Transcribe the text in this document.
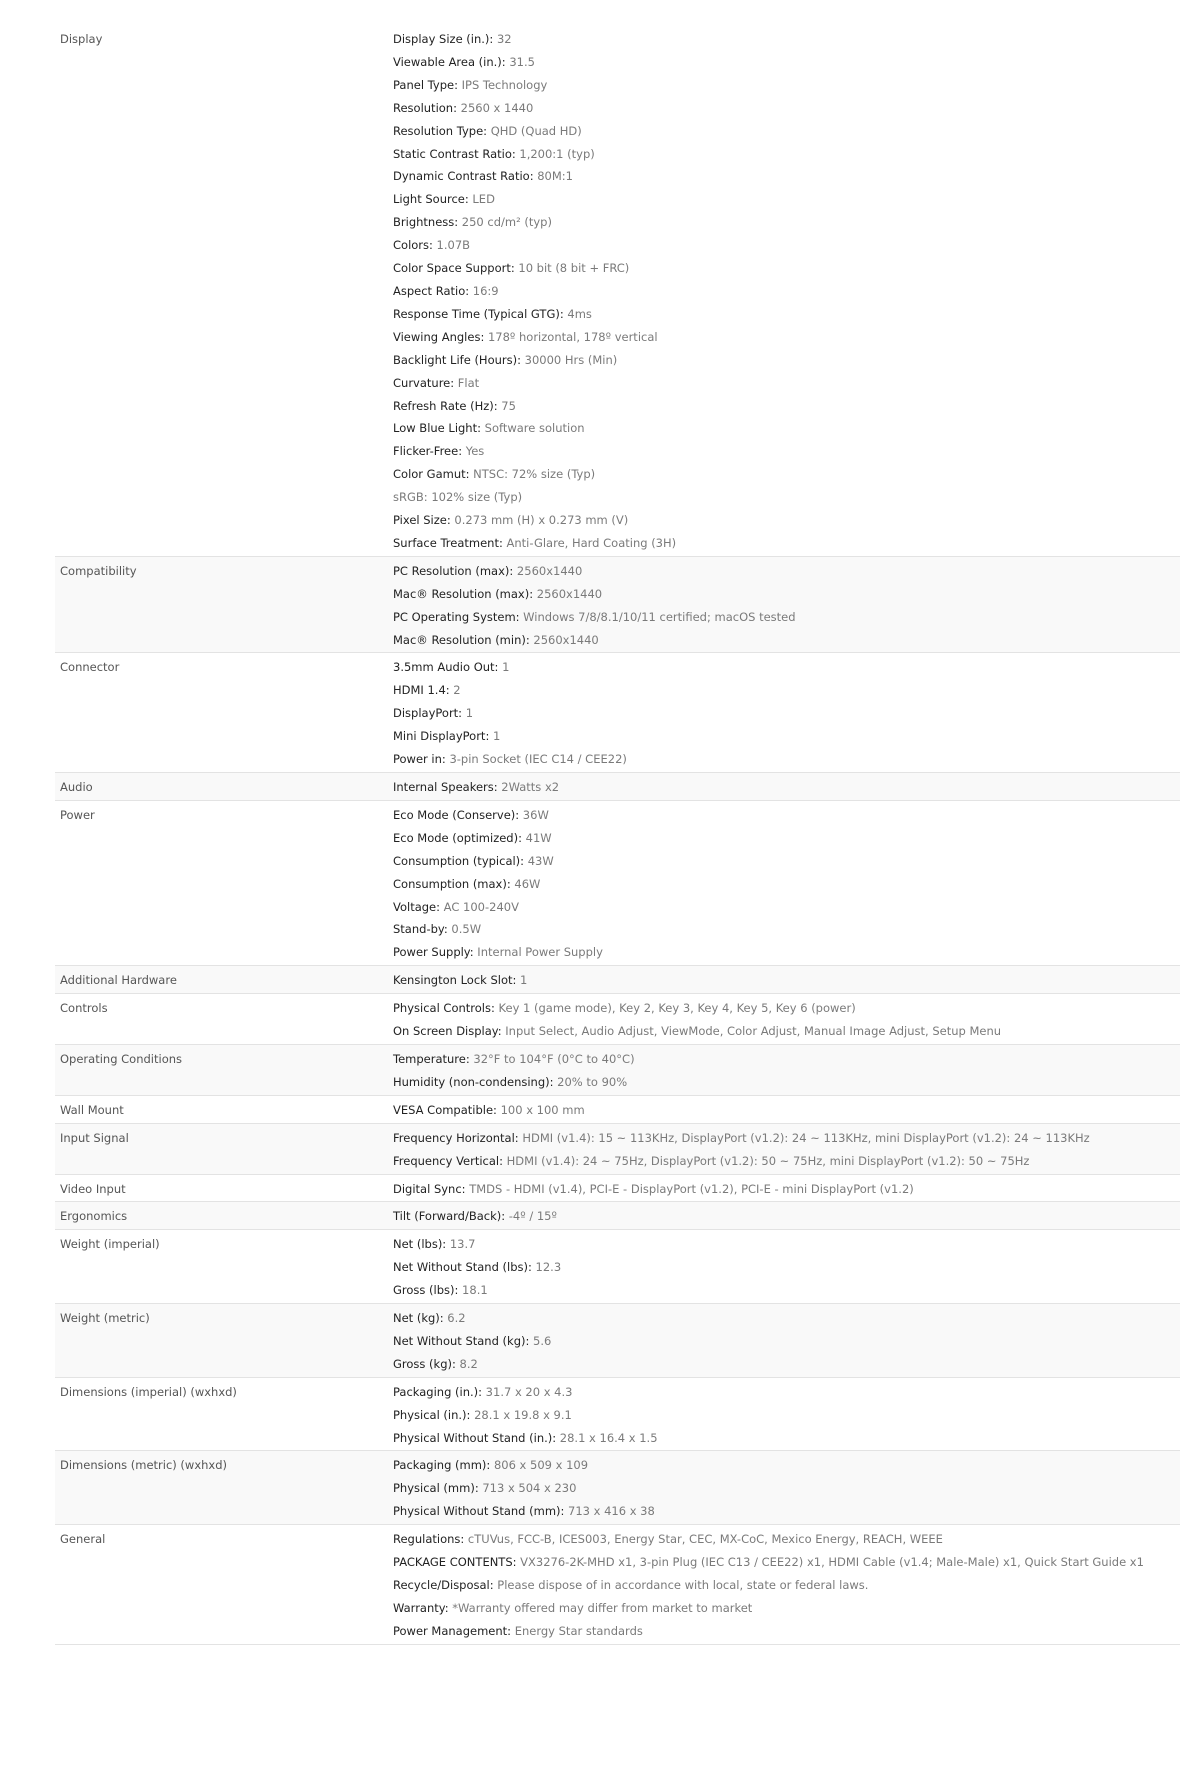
Display	Display Size (in.): 32
Viewable Area (in.): 31.5
Panel Type: IPS Technology
Resolution: 2560 x 1440
Resolution Type: QHD (Quad HD)
Static Contrast Ratio: 1,200:1 (typ)
Dynamic Contrast Ratio: 80M:1
Light Source: LED
Brightness: 250 cd/m² (typ)
Colors: 1.07B
Color Space Support: 10 bit (8 bit + FRC)
Aspect Ratio: 16:9
Response Time (Typical GTG): 4ms
Viewing Angles: 178º horizontal, 178º vertical
Backlight Life (Hours): 30000 Hrs (Min)
Curvature: Flat
Refresh Rate (Hz): 75
Low Blue Light: Software solution
Flicker-Free: Yes
Color Gamut: NTSC: 72% size (Typ)
sRGB: 102% size (Typ)
Pixel Size: 0.273 mm (H) x 0.273 mm (V)
Surface Treatment: Anti-Glare, Hard Coating (3H)
Compatibility	PC Resolution (max): 2560x1440
Mac® Resolution (max): 2560x1440
PC Operating System: Windows 7/8/8.1/10/11 certified; macOS tested
Mac® Resolution (min): 2560x1440
Connector	3.5mm Audio Out: 1
HDMI 1.4: 2
DisplayPort: 1
Mini DisplayPort: 1
Power in: 3-pin Socket (IEC C14 / CEE22)
Audio	Internal Speakers: 2Watts x2
Power	Eco Mode (Conserve): 36W
Eco Mode (optimized): 41W
Consumption (typical): 43W
Consumption (max): 46W
Voltage: AC 100-240V
Stand-by: 0.5W
Power Supply: Internal Power Supply
Additional Hardware	Kensington Lock Slot: 1
Controls	Physical Controls: Key 1 (game mode), Key 2, Key 3, Key 4, Key 5, Key 6 (power)
On Screen Display: Input Select, Audio Adjust, ViewMode, Color Adjust, Manual Image Adjust, Setup Menu
Operating Conditions	Temperature: 32°F to 104°F (0°C to 40°C)
Humidity (non-condensing): 20% to 90%
Wall Mount	VESA Compatible: 100 x 100 mm
Input Signal	Frequency Horizontal: HDMI (v1.4): 15 ~ 113KHz, DisplayPort (v1.2): 24 ~ 113KHz, mini DisplayPort (v1.2): 24 ~ 113KHz
Frequency Vertical: HDMI (v1.4): 24 ~ 75Hz, DisplayPort (v1.2): 50 ~ 75Hz, mini DisplayPort (v1.2): 50 ~ 75Hz
Video Input	Digital Sync: TMDS - HDMI (v1.4), PCI-E - DisplayPort (v1.2), PCI-E - mini DisplayPort (v1.2)
Ergonomics	Tilt (Forward/Back): -4º / 15º
Weight (imperial)	Net (lbs): 13.7
Net Without Stand (lbs): 12.3
Gross (lbs): 18.1
Weight (metric)	Net (kg): 6.2
Net Without Stand (kg): 5.6
Gross (kg): 8.2
Dimensions (imperial) (wxhxd)	Packaging (in.): 31.7 x 20 x 4.3
Physical (in.): 28.1 x 19.8 x 9.1
Physical Without Stand (in.): 28.1 x 16.4 x 1.5
Dimensions (metric) (wxhxd)	Packaging (mm): 806 x 509 x 109
Physical (mm): 713 x 504 x 230
Physical Without Stand (mm): 713 x 416 x 38
General	Regulations: cTUVus, FCC-B, ICES003, Energy Star, CEC, MX-CoC, Mexico Energy, REACH, WEEE
PACKAGE CONTENTS: VX3276-2K-MHD x1, 3-pin Plug (IEC C13 / CEE22) x1, HDMI Cable (v1.4; Male-Male) x1, Quick Start Guide x1
Recycle/Disposal: Please dispose of in accordance with local, state or federal laws.
Warranty: *Warranty offered may differ from market to market
Power Management: Energy Star standards
